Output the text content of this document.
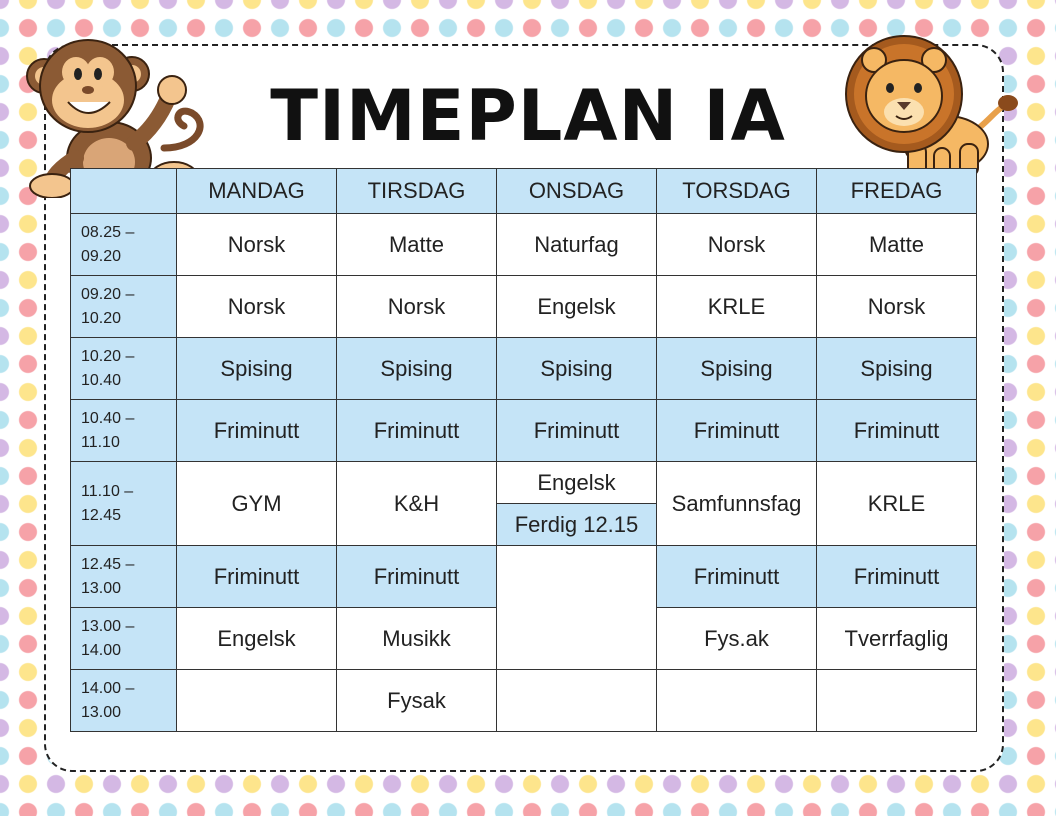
TIMEPLAN IA
	MANDAG	TIRSDAG	ONSDAG	TORSDAG	FREDAG
08.25 –
09.20	Norsk	Matte	Naturfag	Norsk	Matte
09.20 –
10.20	Norsk	Norsk	Engelsk	KRLE	Norsk
10.20 –
10.40	Spising	Spising	Spising	Spising	Spising
10.40 –
11.10	Friminutt	Friminutt	Friminutt	Friminutt	Friminutt
11.10 –
12.45	GYM	K&H	Engelsk	Samfunnsfag	KRLE
			Ferdig 12.15		
12.45 –
13.00	Friminutt	Friminutt		Friminutt	Friminutt
13.00 –
14.00	Engelsk	Musikk		Fys.ak	Tverrfaglig
14.00 –
13.00		Fysak			
